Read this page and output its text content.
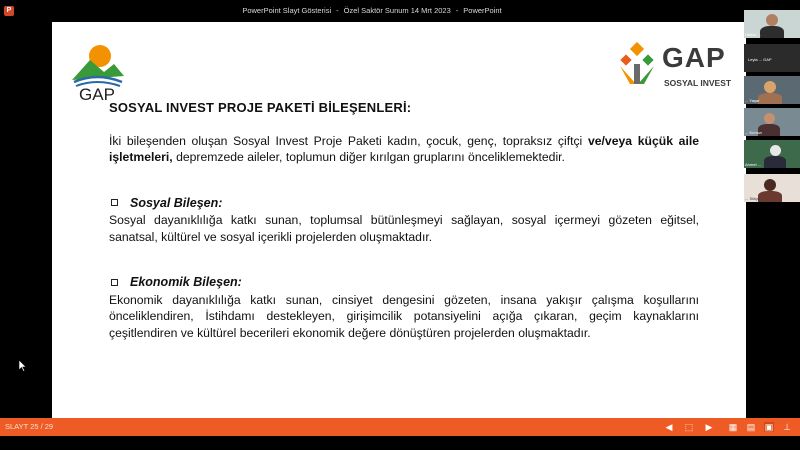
P	PowerPoint Slayt Gösterisi - Özel Saktör Sunum 14 Mrt 2023 - PowerPoint
GAP
GAP
SOSYAL INVEST
SOSYAL INVEST PROJE PAKETİ BİLEŞENLERİ:

İki bileşenden oluşan Sosyal Invest Proje Paketi kadın, çocuk, genç, topraksız çiftçi ve/veya küçük aile işletmeleri, depremzede aileler, toplumun diğer kırılgan gruplarını önceliklemektedir.

Sosyal Bileşen:

Sosyal dayanıklılığa katkı sunan, toplumsal bütünleşmeyi sağlayan, sosyal içermeyi gözeten eğitsel, sanatsal, kültürel ve sosyal içerikli projelerden oluşmaktadır.

Ekonomik Bileşen:

Ekonomik dayanıklılığa katkı sunan, cinsiyet dengesini gözeten, insana yakışır çalışma koşullarını önceliklendiren, İstihdamı destekleyen, girişimcilik potansiyelini açığa çıkaran, geçim kaynaklarını çeşitlendiren ve kültürel becerileri ekonomik değere dönüştüren projelerden oluşmaktadır.

Hatice ...
Leyla ... GAP
... Yaşar
... Kırmızı
Ahmet ...
... Sütçü
SLAYT 25 / 29	◀ ⬚ ▶ ▦ ▤ ▣ ⊥
